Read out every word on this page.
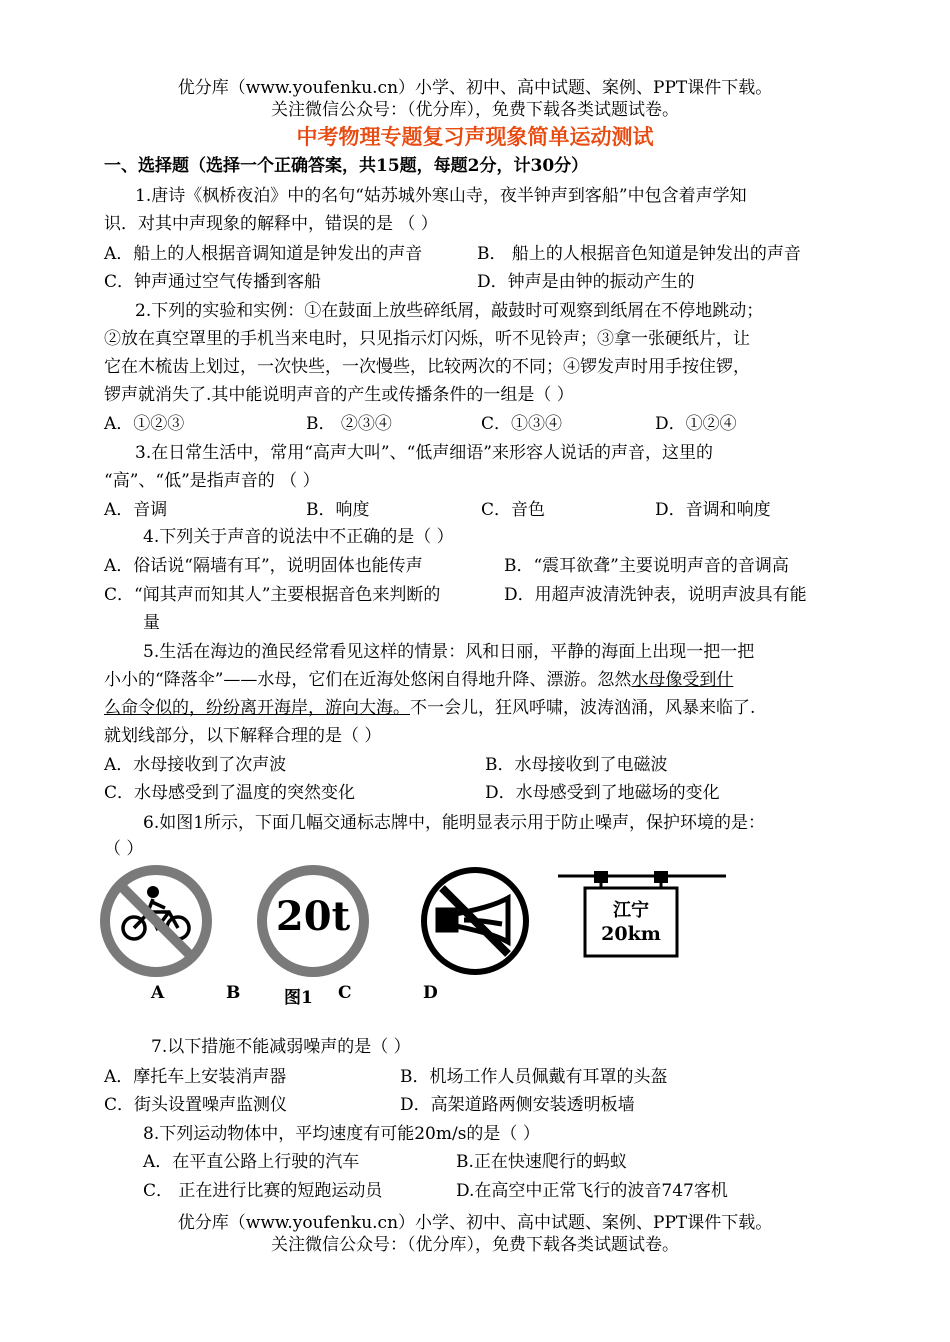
优分库（www.youfenku.cn）小学、初中、高中试题、案例、PPT课件下载。
关注微信公众号：（优分库），免费下载各类试题试卷。
中考物理专题复习声现象简单运动测试
一、选择题（选择一个正确答案，共15题，每题2分，计30分）
1.唐诗《枫桥夜泊》中的名句“姑苏城外寒山寺，夜半钟声到客船”中包含着声学知
识．对其中声现象的解释中，错误的是 （ ）
A．船上的人根据音调知道是钟发出的声音	B． 船上的人根据音色知道是钟发出的声音
C．钟声通过空气传播到客船	D．钟声是由钟的振动产生的
2.下列的实验和实例：①在鼓面上放些碎纸屑，敲鼓时可观察到纸屑在不停地跳动；
②放在真空罩里的手机当来电时，只见指示灯闪烁，听不见铃声；③拿一张硬纸片，让
它在木梳齿上划过，一次快些，一次慢些，比较两次的不同；④锣发声时用手按住锣，
锣声就消失了.其中能说明声音的产生或传播条件的一组是（ ）
A．①②③	B． ②③④	C．①③④	D．①②④
3.在日常生活中，常用“高声大叫”、“低声细语”来形容人说话的声音，这里的
“高”、“低”是指声音的 （ ）
A．音调	B．响度	C．音色	D．音调和响度
4.下列关于声音的说法中不正确的是（ ）
A．俗话说“隔墙有耳”，说明固体也能传声	B．“震耳欲聋”主要说明声音的音调高
C．“闻其声而知其人”主要根据音色来判断的	D．用超声波清洗钟表，说明声波具有能
量
5.生活在海边的渔民经常看见这样的情景：风和日丽，平静的海面上出现一把一把
小小的“降落伞”——水母，它们在近海处悠闲自得地升降、漂游。忽然水母像受到什
么命令似的，纷纷离开海岸，游向大海。不一会儿，狂风呼啸，波涛汹涌，风暴来临了.
就划线部分，以下解释合理的是（ ）
A．水母接收到了次声波	B．水母接收到了电磁波
C．水母感受到了温度的突然变化	D．水母感受到了地磁场的变化
6.如图1所示，下面几幅交通标志牌中，能明显表示用于防止噪声，保护环境的是：
（ ）
20t	江宁
20km
A	B	图1 C	D
7.以下措施不能减弱噪声的是（ ）
A．摩托车上安装消声器	B．机场工作人员佩戴有耳罩的头盔
C．街头设置噪声监测仪	D．高架道路两侧安装透明板墙
8.下列运动物体中，平均速度有可能20m/s的是（ ）
A．在平直公路上行驶的汽车	B.正在快速爬行的蚂蚁
C． 正在进行比赛的短跑运动员	D.在高空中正常飞行的波音747客机
优分库（www.youfenku.cn）小学、初中、高中试题、案例、PPT课件下载。
关注微信公众号：（优分库），免费下载各类试题试卷。
